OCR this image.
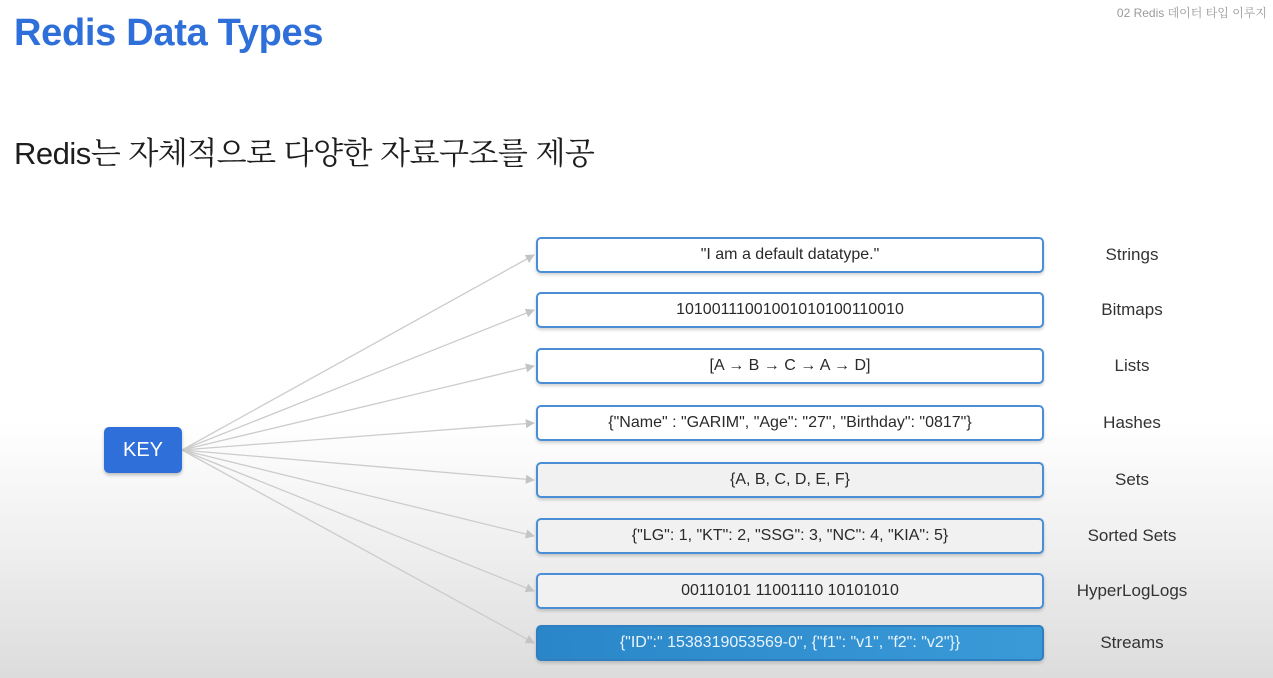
02 Redis 데이터 타입 이루지
Redis Data Types
Redis는 자체적으로 다양한 자료구조를 제공
KEY
"I am a default datatype."	Strings
10100111001001010100110010	Bitmaps
[A → B → C → A → D]	Lists
{"Name" : "GARIM", "Age": "27", "Birthday": "0817"}	Hashes
{A, B, C, D, E, F}	Sets
{"LG": 1, "KT": 2, "SSG": 3, "NC": 4, "KIA": 5}	Sorted Sets
00110101 11001110 10101010	HyperLogLogs
{"ID":" 1538319053569-0", {"f1": "v1", "f2": "v2"}}	Streams
